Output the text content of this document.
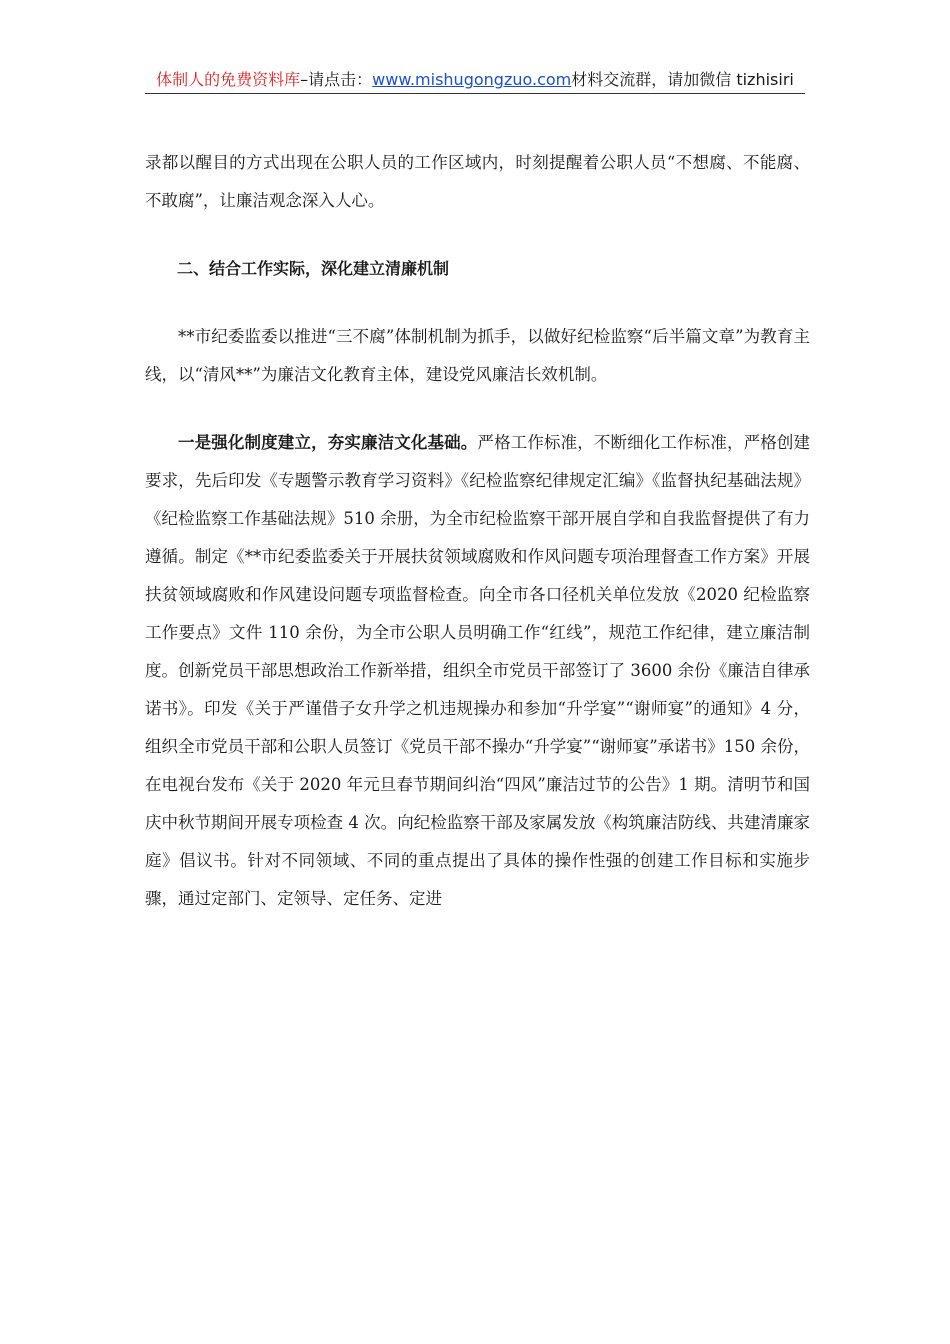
体制人的免费资料库–请点击：www.mishugongzuo.com材料交流群，请加微信 tizhisiri

录都以醒目的方式出现在公职人员的工作区域内，时刻提醒着公职人员“不想腐、不能腐、不敢腐”，让廉洁观念深入人心。

二、结合工作实际，深化建立清廉机制

**市纪委监委以推进“三不腐”体制机制为抓手，以做好纪检监察“后半篇文章”为教育主线，以“清风**”为廉洁文化教育主体，建设党风廉洁长效机制。

一是强化制度建立，夯实廉洁文化基础。严格工作标准，不断细化工作标准，严格创建要求，先后印发《专题警示教育学习资料》《纪检监察纪律规定汇编》《监督执纪基础法规》《纪检监察工作基础法规》510 余册，为全市纪检监察干部开展自学和自我监督提供了有力遵循。制定《**市纪委监委关于开展扶贫领域腐败和作风问题专项治理督查工作方案》开展扶贫领域腐败和作风建设问题专项监督检查。向全市各口径机关单位发放《2020 纪检监察工作要点》文件 110 余份，为全市公职人员明确工作“红线”，规范工作纪律，建立廉洁制度。创新党员干部思想政治工作新举措，组织全市党员干部签订了 3600 余份《廉洁自律承诺书》。印发《关于严谨借子女升学之机违规操办和参加“升学宴”“谢师宴”的通知》4 分，组织全市党员干部和公职人员签订《党员干部不操办“升学宴”“谢师宴”承诺书》150 余份，在电视台发布《关于 2020 年元旦春节期间纠治“四风”廉洁过节的公告》1 期。清明节和国庆中秋节期间开展专项检查 4 次。向纪检监察干部及家属发放《构筑廉洁防线、共建清廉家庭》倡议书。针对不同领域、不同的重点提出了具体的操作性强的创建工作目标和实施步骤，通过定部门、定领导、定任务、定进
